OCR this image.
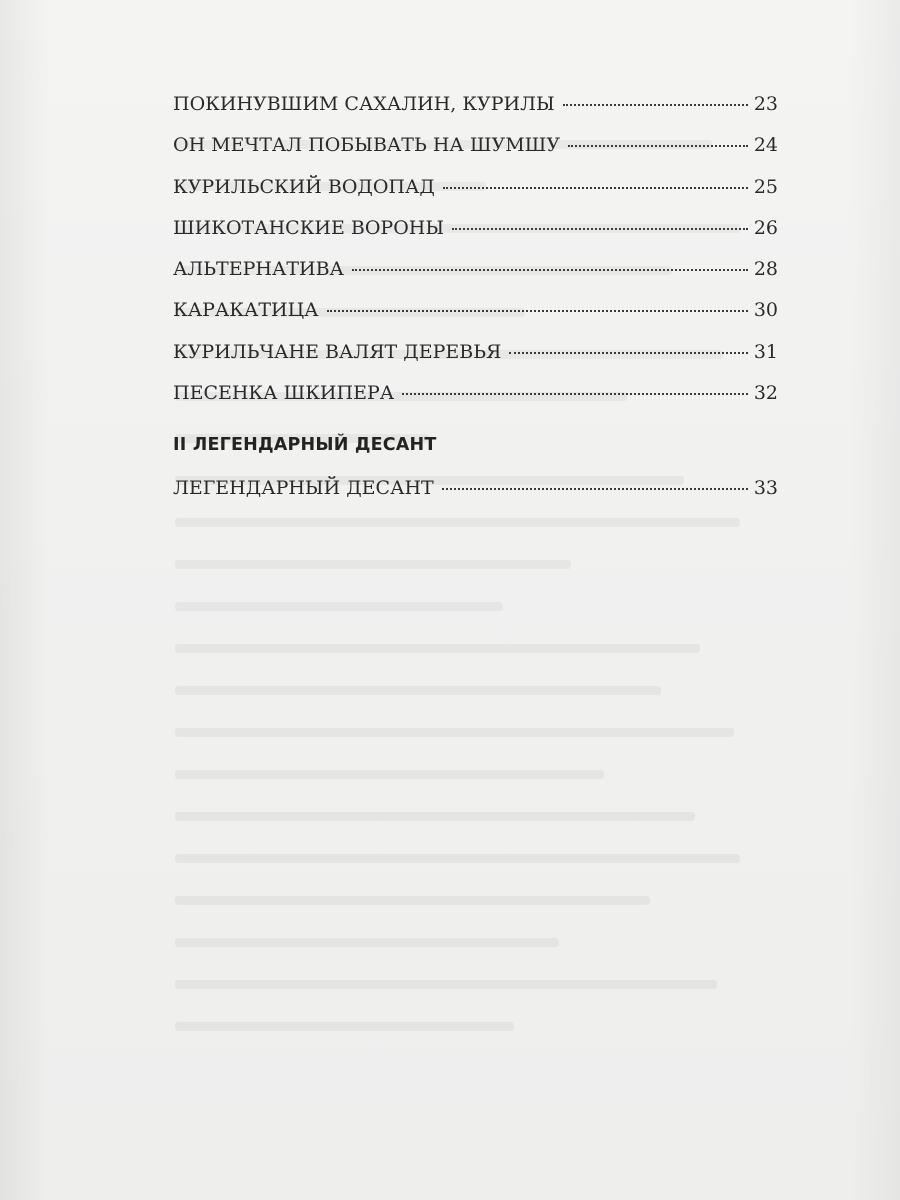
ПОКИНУВШИМ САХАЛИН, КУРИЛЫ	23
ОН МЕЧТАЛ ПОБЫВАТЬ НА ШУМШУ	24
КУРИЛЬСКИЙ ВОДОПАД	25
ШИКОТАНСКИЕ ВОРОНЫ	26
АЛЬТЕРНАТИВА	28
КАРАКАТИЦА	30
КУРИЛЬЧАНЕ ВАЛЯТ ДЕРЕВЬЯ	31
ПЕСЕНКА ШКИПЕРА	32
II ЛЕГЕНДАРНЫЙ ДЕСАНТ
ЛЕГЕНДАРНЫЙ ДЕСАНТ	33
